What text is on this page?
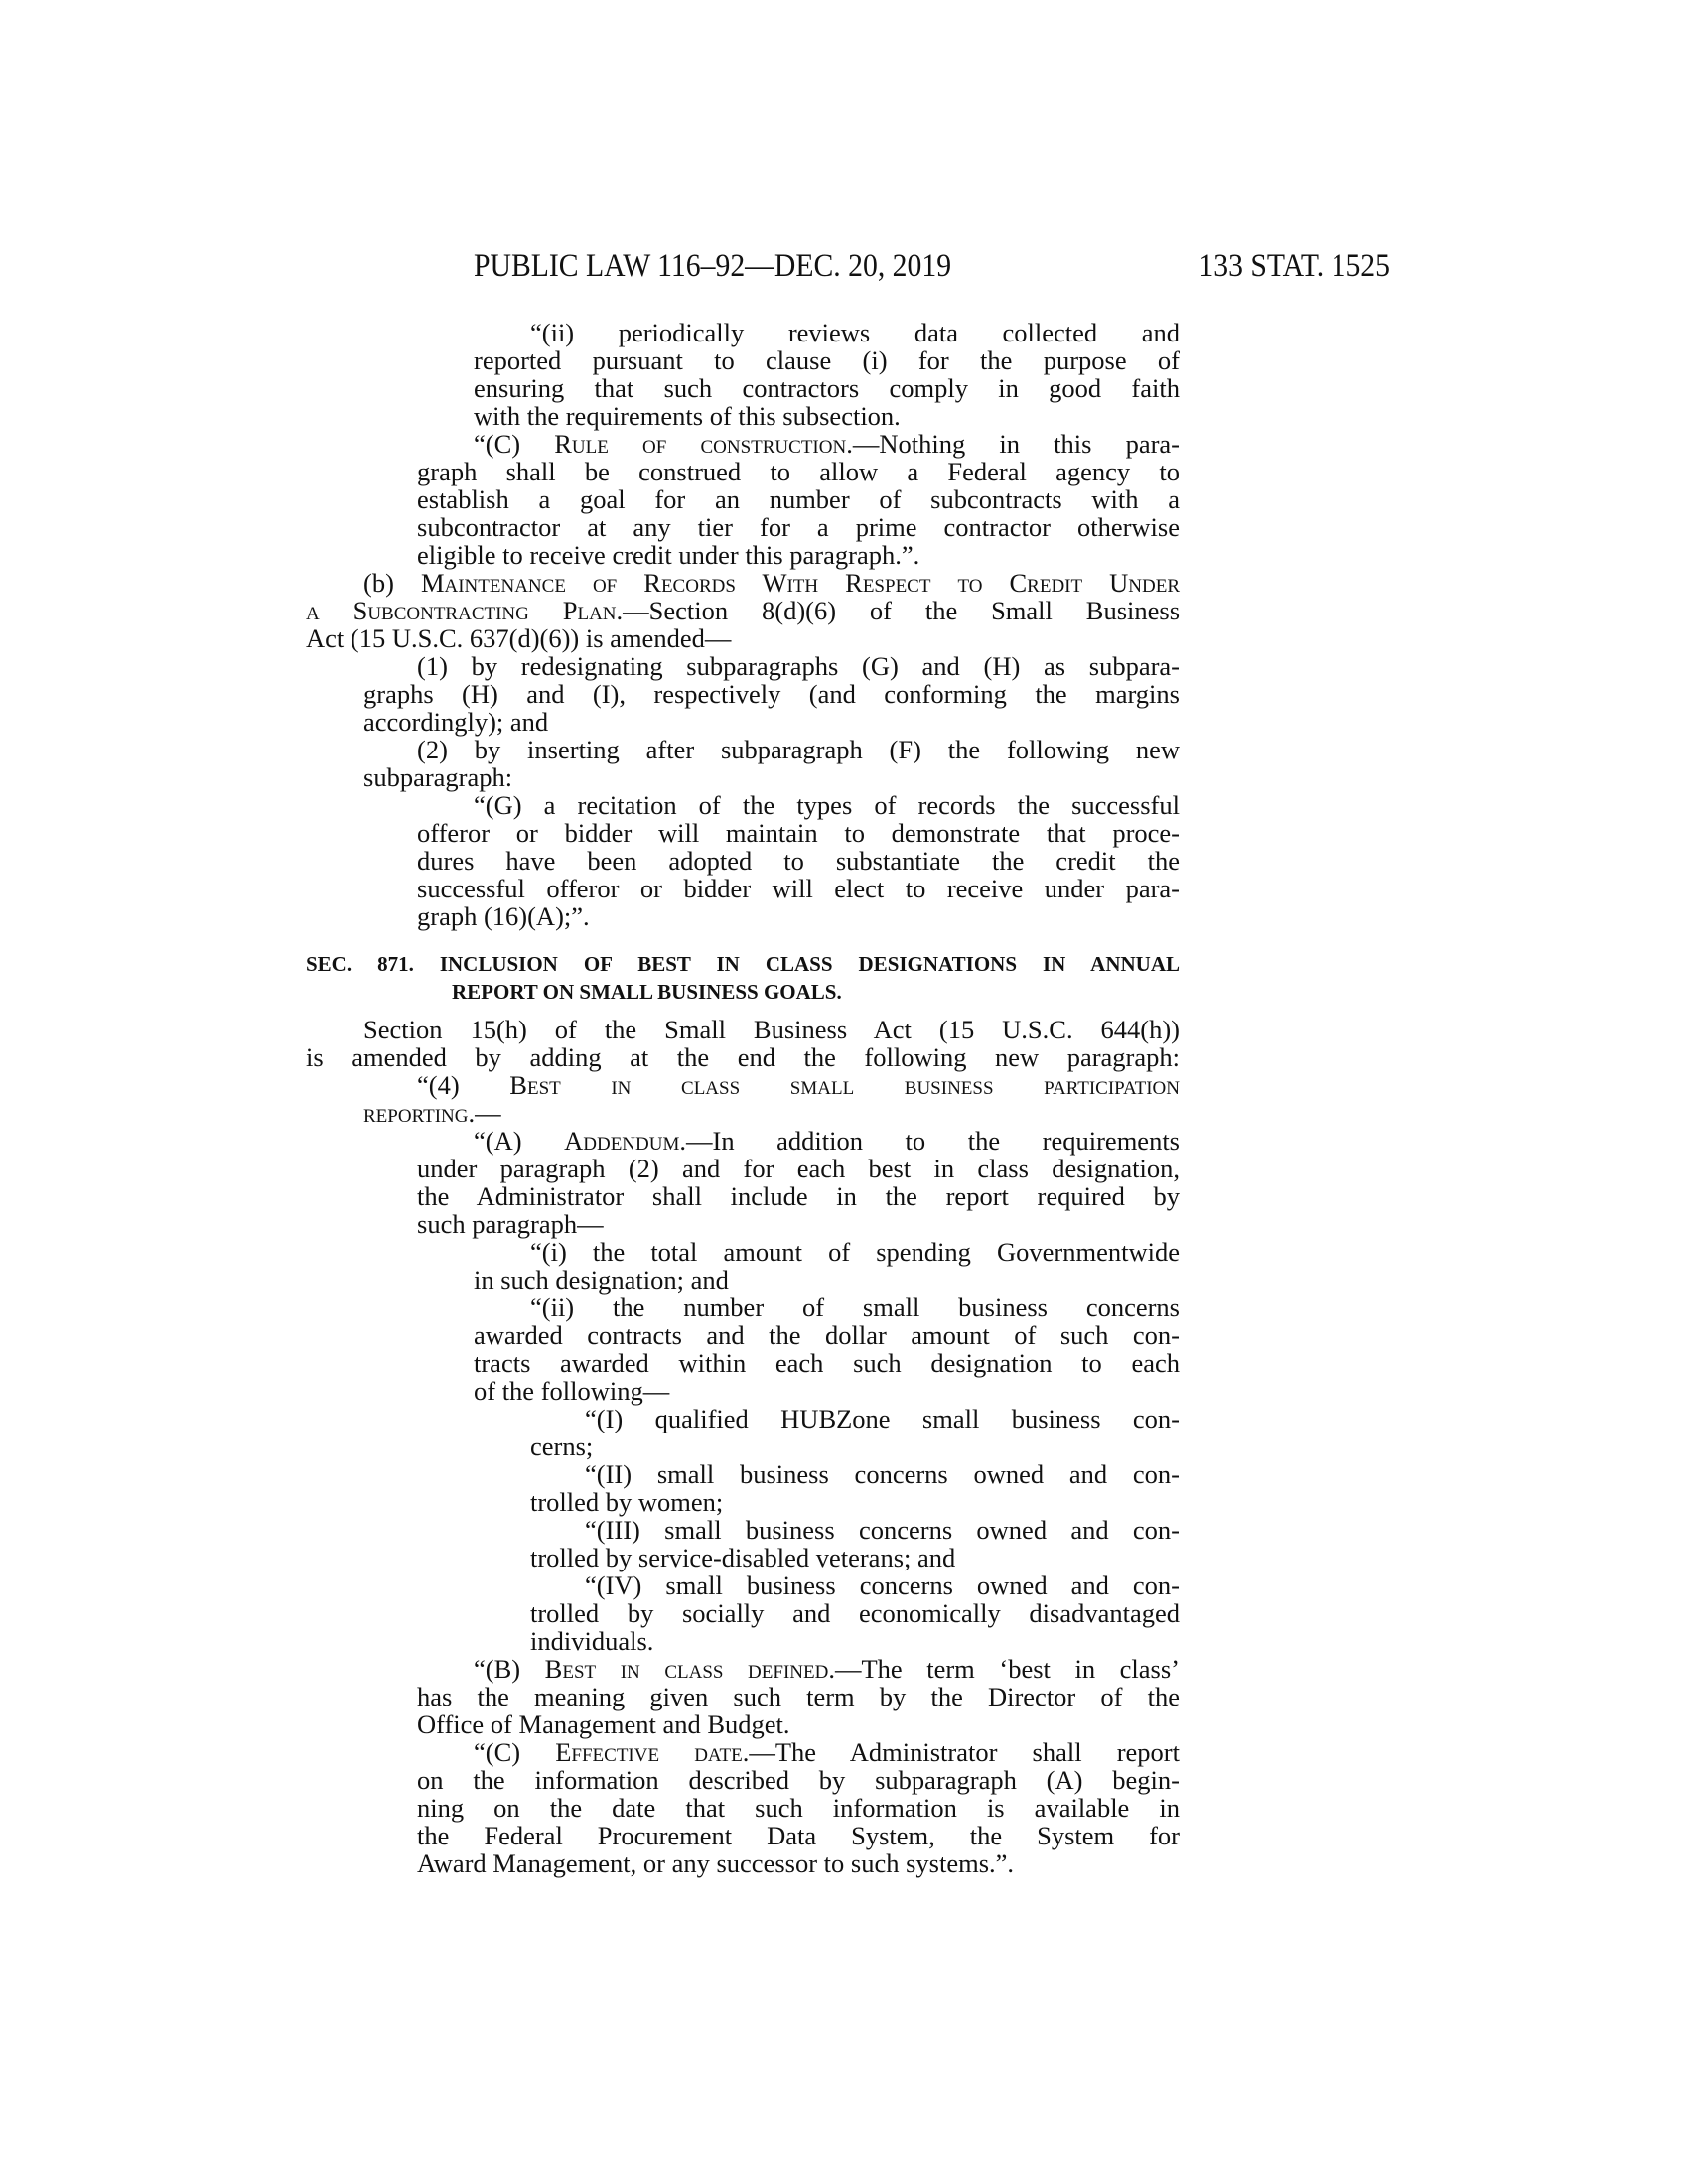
PUBLIC LAW 116–92—DEC. 20, 2019	133 STAT. 1525
“(ii) periodically reviews data collected and
reported pursuant to clause (i) for the purpose of
ensuring that such contractors comply in good faith
with the requirements of this subsection.
“(C) Rule of construction.—Nothing in this para-
graph shall be construed to allow a Federal agency to
establish a goal for an number of subcontracts with a
subcontractor at any tier for a prime contractor otherwise
eligible to receive credit under this paragraph.”.
(b) Maintenance of Records With Respect to Credit Under
a Subcontracting Plan.—Section 8(d)(6) of the Small Business
Act (15 U.S.C. 637(d)(6)) is amended—
(1) by redesignating subparagraphs (G) and (H) as subpara-
graphs (H) and (I), respectively (and conforming the margins
accordingly); and
(2) by inserting after subparagraph (F) the following new
subparagraph:
“(G) a recitation of the types of records the successful
offeror or bidder will maintain to demonstrate that proce-
dures have been adopted to substantiate the credit the
successful offeror or bidder will elect to receive under para-
graph (16)(A);”.
SEC. 871. INCLUSION OF BEST IN CLASS DESIGNATIONS IN ANNUAL
REPORT ON SMALL BUSINESS GOALS.
Section 15(h) of the Small Business Act (15 U.S.C. 644(h))
is amended by adding at the end the following new paragraph:
“(4) Best in class small business participation
reporting.—
“(A) Addendum.—In addition to the requirements
under paragraph (2) and for each best in class designation,
the Administrator shall include in the report required by
such paragraph—
“(i) the total amount of spending Governmentwide
in such designation; and
“(ii) the number of small business concerns
awarded contracts and the dollar amount of such con-
tracts awarded within each such designation to each
of the following—
“(I) qualified HUBZone small business con-
cerns;
“(II) small business concerns owned and con-
trolled by women;
“(III) small business concerns owned and con-
trolled by service-disabled veterans; and
“(IV) small business concerns owned and con-
trolled by socially and economically disadvantaged
individuals.
“(B) Best in class defined.—The term ‘best in class’
has the meaning given such term by the Director of the
Office of Management and Budget.
“(C) Effective date.—The Administrator shall report
on the information described by subparagraph (A) begin-
ning on the date that such information is available in
the Federal Procurement Data System, the System for
Award Management, or any successor to such systems.”.
